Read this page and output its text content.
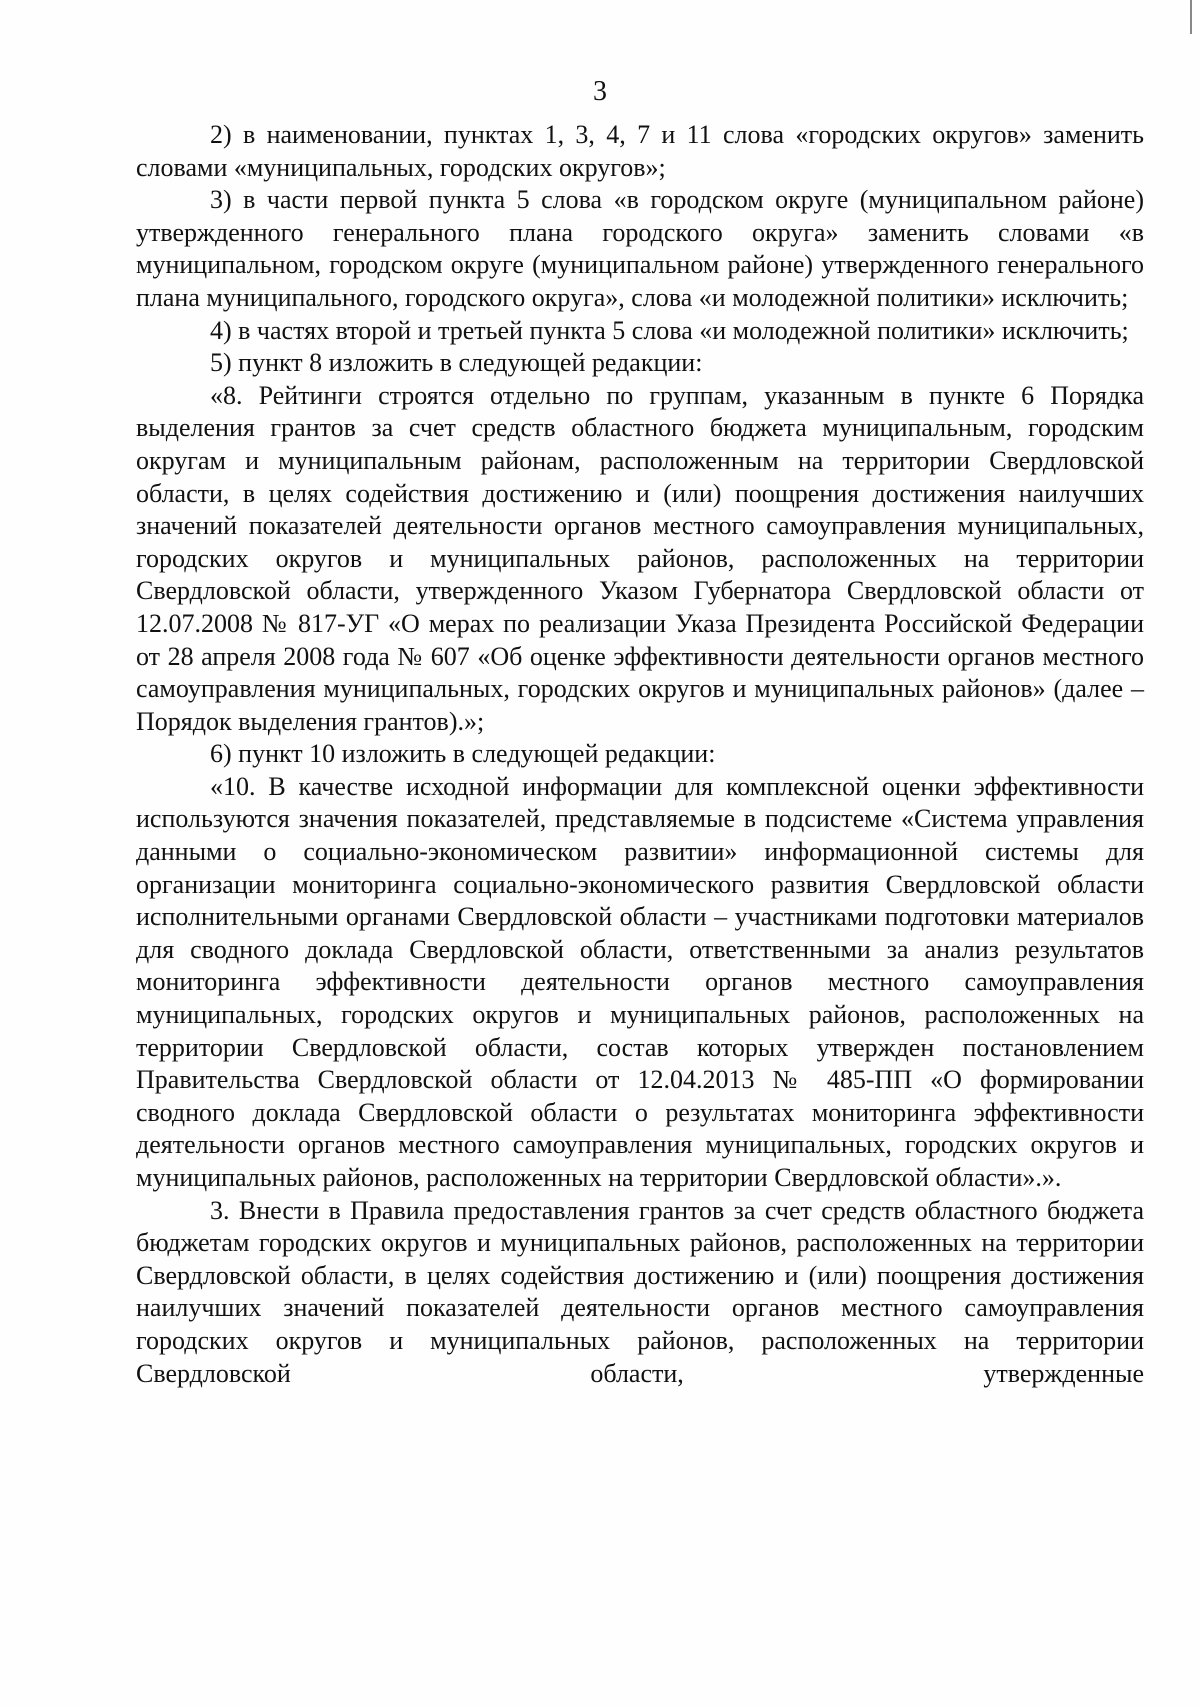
3

2) в наименовании, пунктах 1, 3, 4, 7 и 11 слова «городских округов» заменить словами «муниципальных, городских округов»;

3) в части первой пункта 5 слова «в городском округе (муниципальном районе) утвержденного генерального плана городского округа» заменить словами «в муниципальном, городском округе (муниципальном районе) утвержденного генерального плана муниципального, городского округа», слова «и молодежной политики» исключить;

4) в частях второй и третьей пункта 5 слова «и молодежной политики» исключить;

5) пункт 8 изложить в следующей редакции:

«8. Рейтинги строятся отдельно по группам, указанным в пункте 6 Порядка выделения грантов за счет средств областного бюджета муниципальным, городским округам и муниципальным районам, расположенным на территории Свердловской области, в целях содействия достижению и (или) поощрения достижения наилучших значений показателей деятельности органов местного самоуправления муниципальных, городских округов и муниципальных районов, расположенных на территории Свердловской области, утвержденного Указом Губернатора Свердловской области от 12.07.2008 № 817-УГ «О мерах по реализации Указа Президента Российской Федерации от 28 апреля 2008 года № 607 «Об оценке эффективности деятельности органов местного самоуправления муниципальных, городских округов и муниципальных районов» (далее – Порядок выделения грантов).»;

6) пункт 10 изложить в следующей редакции:

«10. В качестве исходной информации для комплексной оценки эффективности используются значения показателей, представляемые в подсистеме «Система управления данными о социально-экономическом развитии» информационной системы для организации мониторинга социально-экономического развития Свердловской области исполнительными органами Свердловской области – участниками подготовки материалов для сводного доклада Свердловской области, ответственными за анализ результатов мониторинга эффективности деятельности органов местного самоуправления муниципальных, городских округов и муниципальных районов, расположенных на территории Свердловской области, состав которых утвержден постановлением Правительства Свердловской области от 12.04.2013 № 485-ПП «О формировании сводного доклада Свердловской области о результатах мониторинга эффективности деятельности органов местного самоуправления муниципальных, городских округов и муниципальных районов, расположенных на территории Свердловской области».».

3. Внести в Правила предоставления грантов за счет средств областного бюджета бюджетам городских округов и муниципальных районов, расположенных на территории Свердловской области, в целях содействия достижению и (или) поощрения достижения наилучших значений показателей деятельности органов местного самоуправления городских округов и муниципальных районов, расположенных на территории Свердловской области, утвержденные
